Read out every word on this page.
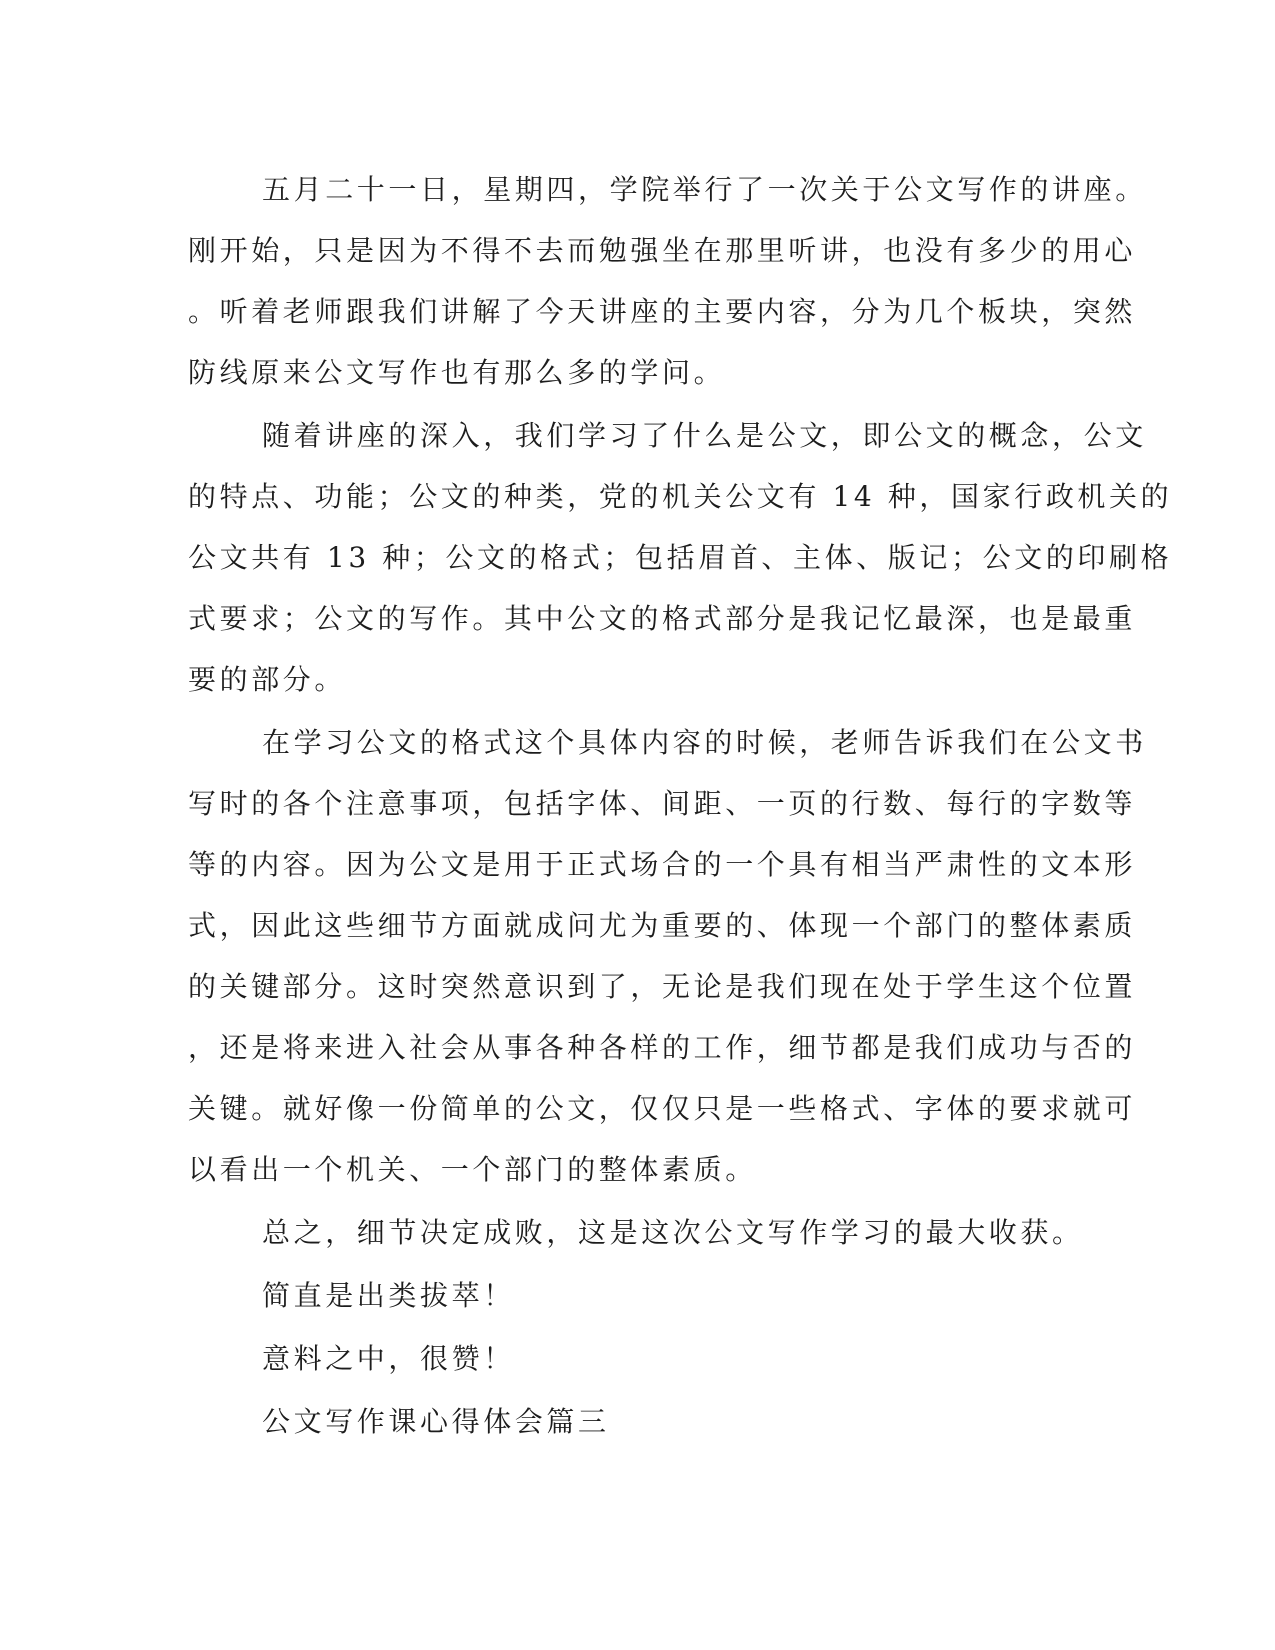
五月二十一日，星期四，学院举行了一次关于公文写作的讲座。

刚开始，只是因为不得不去而勉强坐在那里听讲，也没有多少的用心

。听着老师跟我们讲解了今天讲座的主要内容，分为几个板块，突然

防线原来公文写作也有那么多的学问。

随着讲座的深入，我们学习了什么是公文，即公文的概念，公文

的特点、功能；公文的种类，党的机关公文有 14 种，国家行政机关的

公文共有 13 种；公文的格式；包括眉首、主体、版记；公文的印刷格

式要求；公文的写作。其中公文的格式部分是我记忆最深，也是最重

要的部分。

在学习公文的格式这个具体内容的时候，老师告诉我们在公文书

写时的各个注意事项，包括字体、间距、一页的行数、每行的字数等

等的内容。因为公文是用于正式场合的一个具有相当严肃性的文本形

式，因此这些细节方面就成问尤为重要的、体现一个部门的整体素质

的关键部分。这时突然意识到了，无论是我们现在处于学生这个位置

，还是将来进入社会从事各种各样的工作，细节都是我们成功与否的

关键。就好像一份简单的公文，仅仅只是一些格式、字体的要求就可

以看出一个机关、一个部门的整体素质。

总之，细节决定成败，这是这次公文写作学习的最大收获。

简直是出类拔萃！

意料之中，很赞！

公文写作课心得体会篇三
